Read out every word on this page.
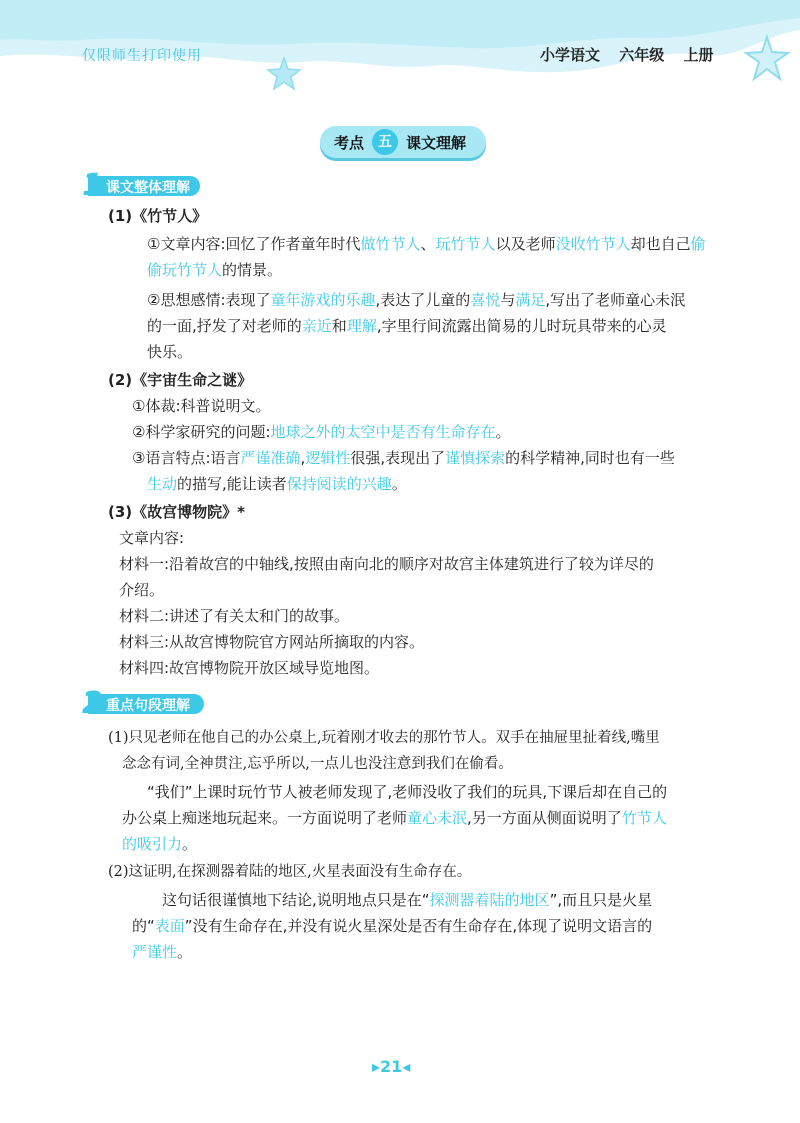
仅限师生打印使用	小学语文 六年级 上册
考点 五 课文理解
1 课文整体理解
(1)《竹节人》
①文章内容:回忆了作者童年时代做竹节人、玩竹节人以及老师没收竹节人却也自己偷
偷玩竹节人的情景。
②思想感情:表现了童年游戏的乐趣,表达了儿童的喜悦与满足,写出了老师童心未泯
的一面,抒发了对老师的亲近和理解,字里行间流露出简易的儿时玩具带来的心灵
快乐。
(2)《宇宙生命之谜》
①体裁:科普说明文。
②科学家研究的问题:地球之外的太空中是否有生命存在。
③语言特点:语言严谨准确,逻辑性很强,表现出了谨慎探索的科学精神,同时也有一些
生动的描写,能让读者保持阅读的兴趣。
(3)《故宫博物院》*
文章内容:
材料一:沿着故宫的中轴线,按照由南向北的顺序对故宫主体建筑进行了较为详尽的
介绍。
材料二:讲述了有关太和门的故事。
材料三:从故宫博物院官方网站所摘取的内容。
材料四:故宫博物院开放区域导览地图。
2 重点句段理解
(1)只见老师在他自己的办公桌上,玩着刚才收去的那竹节人。双手在抽屉里扯着线,嘴里
念念有词,全神贯注,忘乎所以,一点儿也没注意到我们在偷看。
“我们”上课时玩竹节人被老师发现了,老师没收了我们的玩具,下课后却在自己的
办公桌上痴迷地玩起来。一方面说明了老师童心未泯,另一方面从侧面说明了竹节人
的吸引力。
(2)这证明,在探测器着陆的地区,火星表面没有生命存在。
这句话很谨慎地下结论,说明地点只是在“探测器着陆的地区”,而且只是火星
的“表面”没有生命存在,并没有说火星深处是否有生命存在,体现了说明文语言的
严谨性。
▸21◂
